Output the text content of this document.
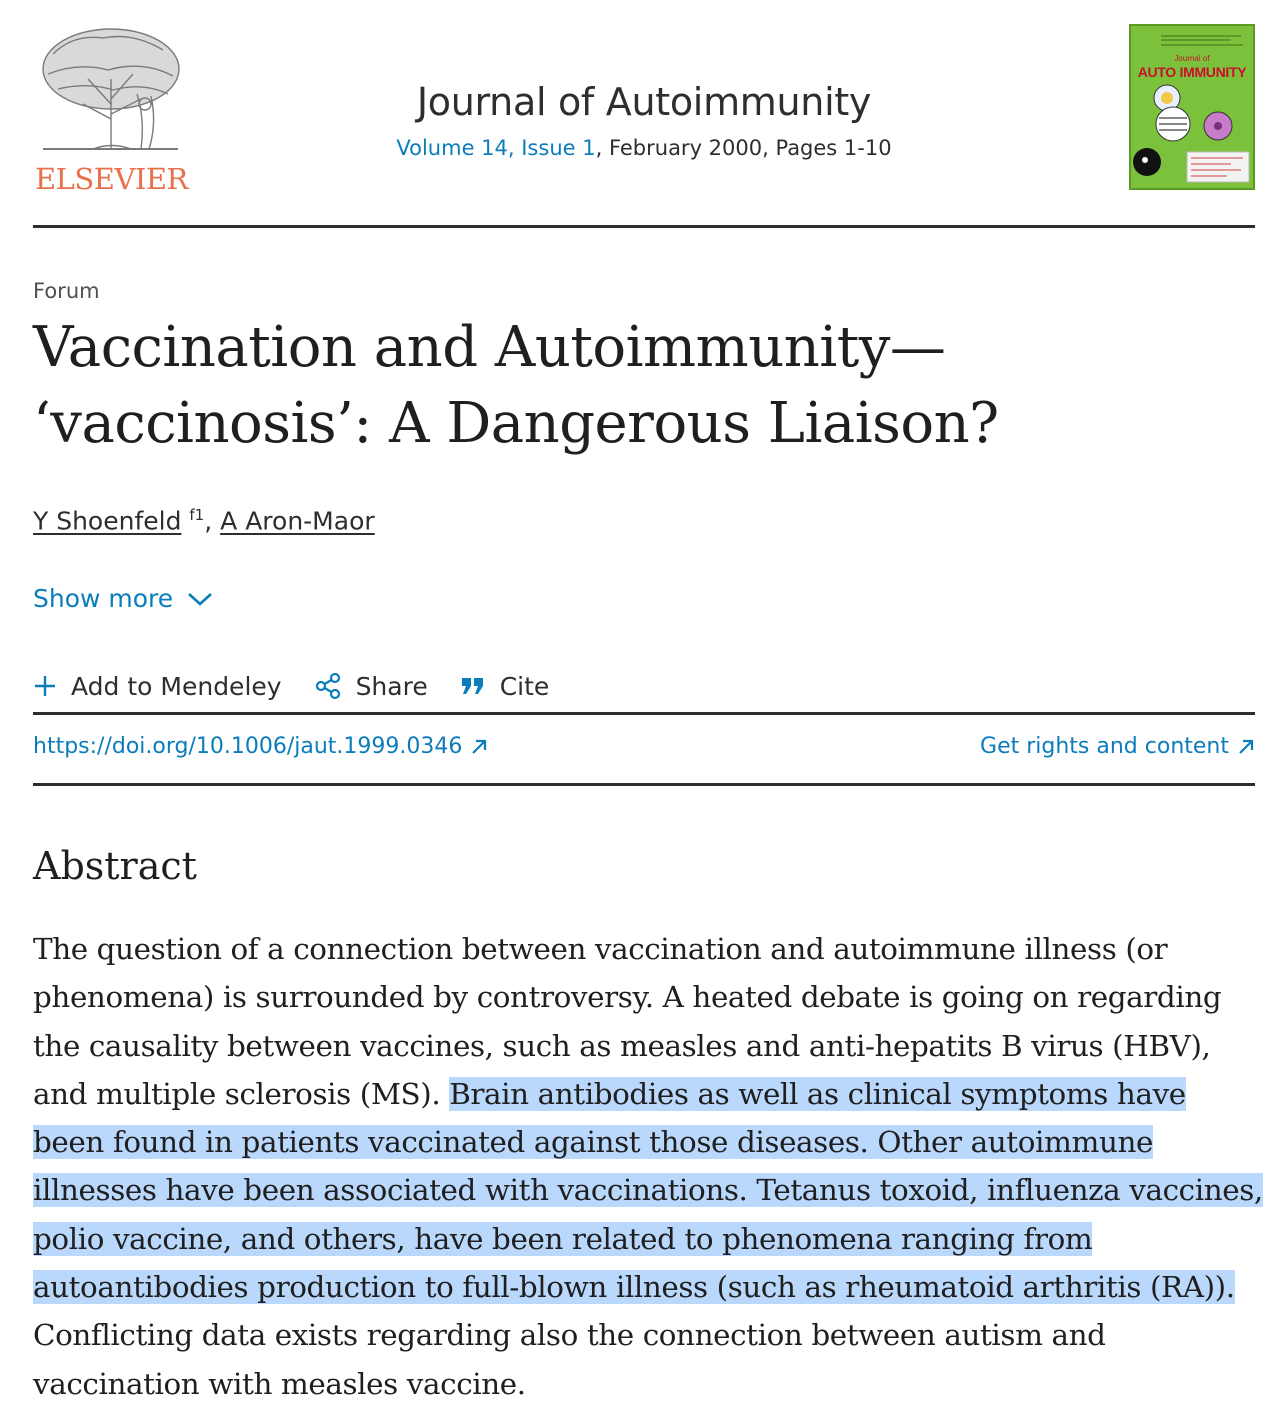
ELSEVIER
Journal of Autoimmunity
Volume 14, Issue 1, February 2000, Pages 1-10
Journal of
AUTO IMMUNITY
Forum
Vaccination and Autoimmunity—
‘vaccinosis’: A Dangerous Liaison?
Y Shoenfeld $^{f1}$, A Aron-Maor
Show more
Add to Mendeley	Share	Cite
https://doi.org/10.1006/jaut.1999.0346	Get rights and content
Abstract

The question of a connection between vaccination and autoimmune illness (or phenomena) is surrounded by controversy. A heated debate is going on regarding the causality between vaccines, such as measles and anti-hepatits B virus (HBV), and multiple sclerosis (MS). Brain antibodies as well as clinical symptoms have been found in patients vaccinated against those diseases. Other autoimmune illnesses have been associated with vaccinations. Tetanus toxoid, influenza vaccines, polio vaccine, and others, have been related to phenomena ranging from autoantibodies production to full-blown illness (such as rheumatoid arthritis (RA)). Conflicting data exists regarding also the connection between autism and vaccination with measles vaccine.
